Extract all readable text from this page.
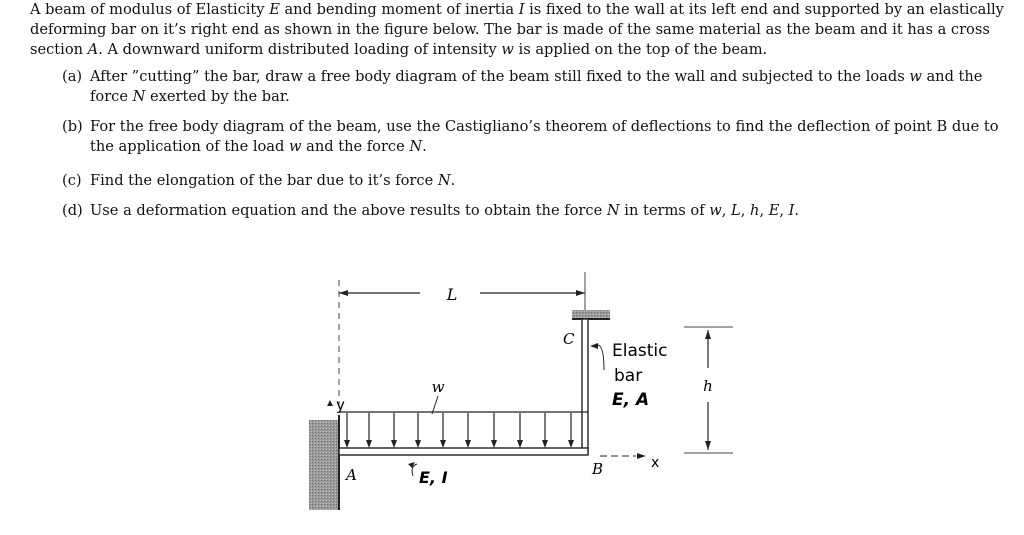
A beam of modulus of Elasticity E and bending moment of inertia I is fixed to the wall at its left end and supported by an elastically deforming bar on it’s right end as shown in the figure below. The bar is made of the same material as the beam and it has a cross section A. A downward uniform distributed loading of intensity w is applied on the top of the beam.

(a)	After ”cutting” the bar, draw a free body diagram of the beam still fixed to the wall and subjected to the loads w and the force N exerted by the bar.
(b)	For the free body diagram of the beam, use the Castigliano’s theorem of deflections to find the deflection of point B due to the application of the load w and the force N.
(c)	Find the elongation of the bar due to it’s force N.
(d)	Use a deformation equation and the above results to obtain the force N in terms of w, L, h, E, I.
L
C
w
y
A	E, I	B	x
Elastic
bar
E, A
h
